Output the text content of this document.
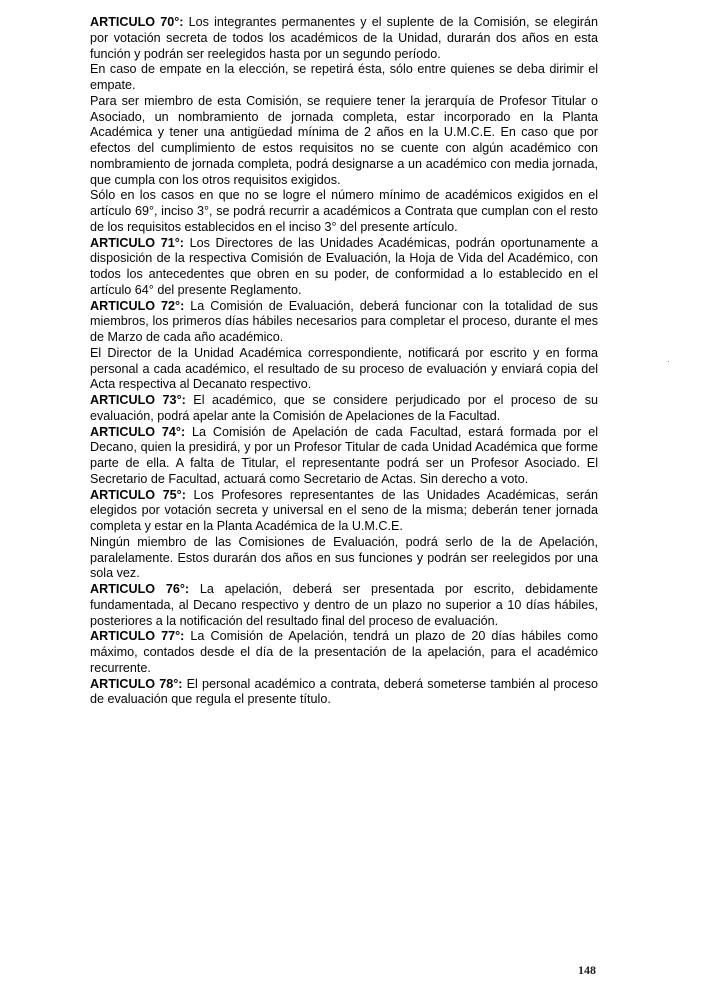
ARTICULO 70°: Los integrantes permanentes y el suplente de la Comisión, se elegirán por votación secreta de todos los académicos de la Unidad, durarán dos años en esta función y podrán ser reelegidos hasta por un segundo período.

En caso de empate en la elección, se repetirá ésta, sólo entre quienes se deba dirimir el empate.

Para ser miembro de esta Comisión, se requiere tener la jerarquía de Profesor Titular o Asociado, un nombramiento de jornada completa, estar incorporado en la Planta Académica y tener una antigüedad mínima de 2 años en la U.M.C.E. En caso que por efectos del cumplimiento de estos requisitos no se cuente con algún académico con nombramiento de jornada completa, podrá designarse a un académico con media jornada, que cumpla con los otros requisitos exigidos.

Sólo en los casos en que no se logre el número mínimo de académicos exigidos en el artículo 69°, inciso 3°, se podrá recurrir a académicos a Contrata que cumplan con el resto de los requisitos establecidos en el inciso 3° del presente artículo.

ARTICULO 71°: Los Directores de las Unidades Académicas, podrán oportunamente a disposición de la respectiva Comisión de Evaluación, la Hoja de Vida del Académico, con todos los antecedentes que obren en su poder, de conformidad a lo establecido en el artículo 64° del presente Reglamento.

ARTICULO 72°: La Comisión de Evaluación, deberá funcionar con la totalidad de sus miembros, los primeros días hábiles necesarios para completar el proceso, durante el mes de Marzo de cada año académico.

El Director de la Unidad Académica correspondiente, notificará por escrito y en forma personal a cada académico, el resultado de su proceso de evaluación y enviará copia del Acta respectiva al Decanato respectivo.

ARTICULO 73°: El académico, que se considere perjudicado por el proceso de su evaluación, podrá apelar ante la Comisión de Apelaciones de la Facultad.

ARTICULO 74°: La Comisión de Apelación de cada Facultad, estará formada por el Decano, quien la presidirá, y por un Profesor Titular de cada Unidad Académica que forme parte de ella. A falta de Titular, el representante podrá ser un Profesor Asociado. El Secretario de Facultad, actuará como Secretario de Actas. Sin derecho a voto.

ARTICULO 75°: Los Profesores representantes de las Unidades Académicas, serán elegidos por votación secreta y universal en el seno de la misma; deberán tener jornada completa y estar en la Planta Académica de la U.M.C.E.

Ningún miembro de las Comisiones de Evaluación, podrá serlo de la de Apelación, paralelamente. Estos durarán dos años en sus funciones y podrán ser reelegidos por una sola vez.

ARTICULO 76°: La apelación, deberá ser presentada por escrito, debidamente fundamentada, al Decano respectivo y dentro de un plazo no superior a 10 días hábiles, posteriores a la notificación del resultado final del proceso de evaluación.

ARTICULO 77°: La Comisión de Apelación, tendrá un plazo de 20 días hábiles como máximo, contados desde el día de la presentación de la apelación, para el académico recurrente.

ARTICULO 78°: El personal académico a contrata, deberá someterse también al proceso de evaluación que regula el presente título.

148
